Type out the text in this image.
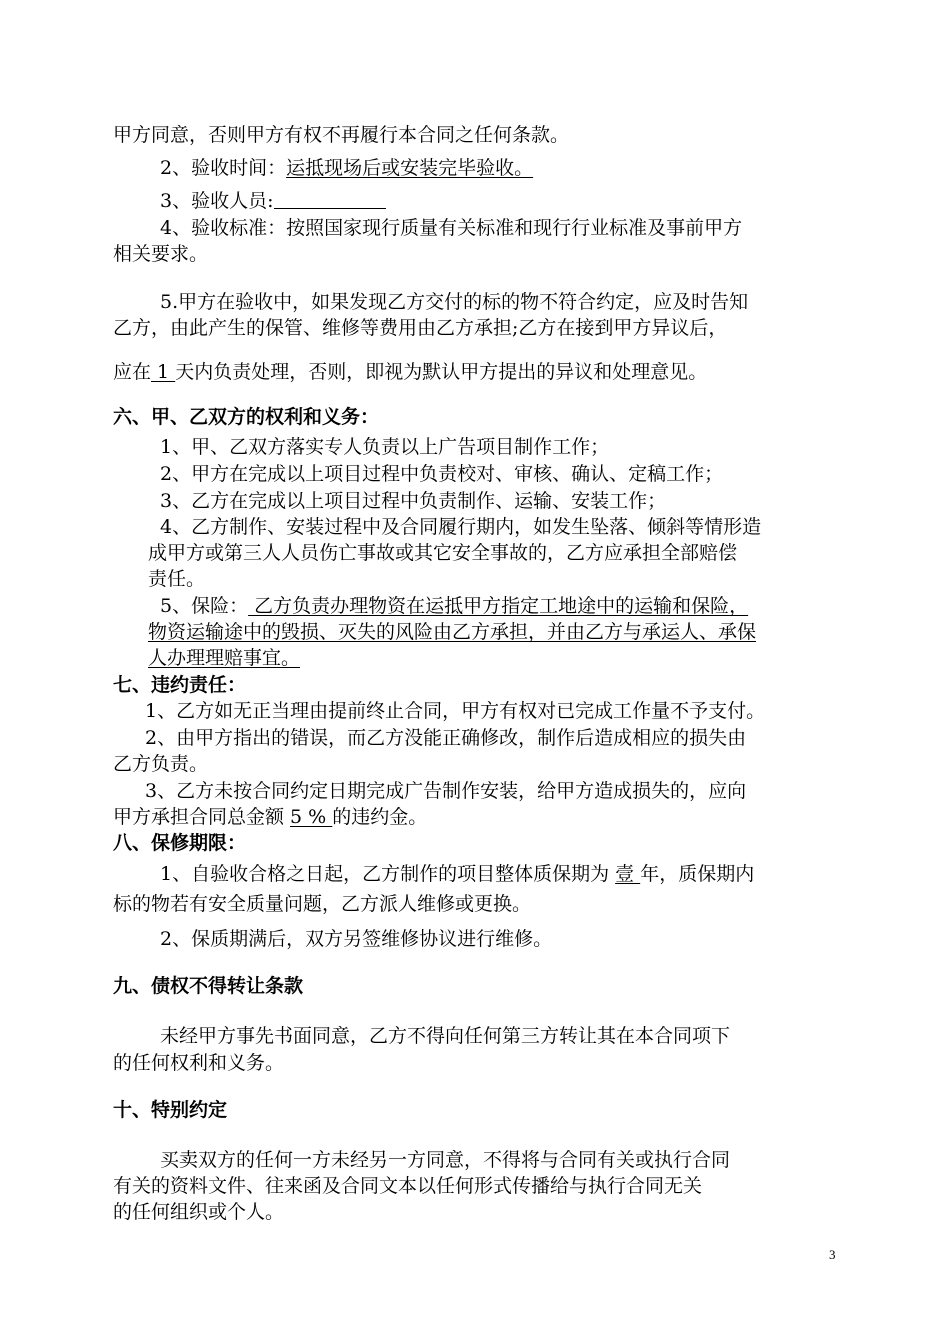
甲方同意，否则甲方有权不再履行本合同之任何条款。
2、验收时间：运抵现场后或安装完毕验收。
3、验收人员:
4、验收标准：按照国家现行质量有关标准和现行行业标准及事前甲方
相关要求。
5.甲方在验收中，如果发现乙方交付的标的物不符合约定，应及时告知
乙方，由此产生的保管、维修等费用由乙方承担;乙方在接到甲方异议后，
应在 1 天内负责处理，否则，即视为默认甲方提出的异议和处理意见。
六、甲、乙双方的权利和义务：
1、甲、乙双方落实专人负责以上广告项目制作工作；
2、甲方在完成以上项目过程中负责校对、审核、确认、定稿工作；
3、乙方在完成以上项目过程中负责制作、运输、安装工作；
4、乙方制作、安装过程中及合同履行期内，如发生坠落、倾斜等情形造
成甲方或第三人人员伤亡事故或其它安全事故的，乙方应承担全部赔偿
责任。
5、保险： 乙方负责办理物资在运抵甲方指定工地途中的运输和保险，
物资运输途中的毁损、灭失的风险由乙方承担，并由乙方与承运人、承保
人办理理赔事宜。
七、违约责任：
1、乙方如无正当理由提前终止合同，甲方有权对已完成工作量不予支付。
2、由甲方指出的错误，而乙方没能正确修改，制作后造成相应的损失由
乙方负责。
3、乙方未按合同约定日期完成广告制作安装，给甲方造成损失的，应向
甲方承担合同总金额 5 % 的违约金。
八、保修期限：
1、自验收合格之日起，乙方制作的项目整体质保期为 壹 年，质保期内
标的物若有安全质量问题，乙方派人维修或更换。
2、保质期满后，双方另签维修协议进行维修。
九、债权不得转让条款
未经甲方事先书面同意，乙方不得向任何第三方转让其在本合同项下
的任何权利和义务。
十、特别约定
买卖双方的任何一方未经另一方同意，不得将与合同有关或执行合同
有关的资料文件、往来函及合同文本以任何形式传播给与执行合同无关
的任何组织或个人。
3
